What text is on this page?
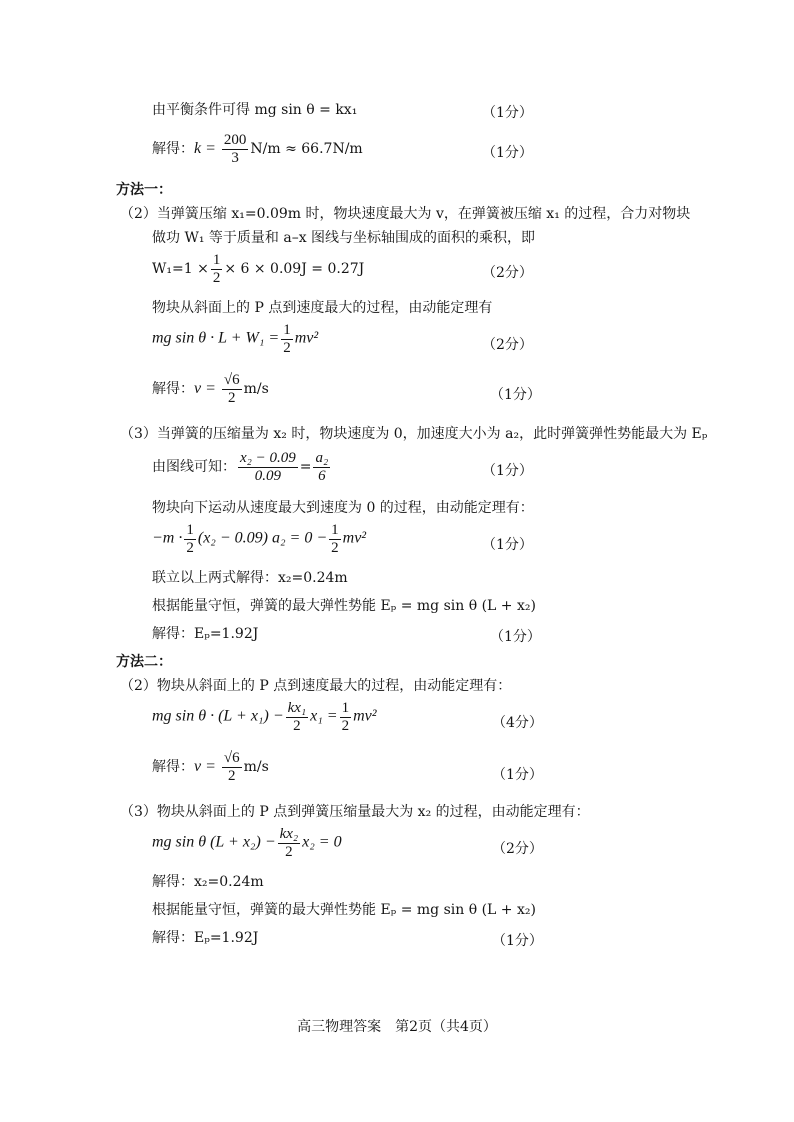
由平衡条件可得 mg sin θ = kx₁	（1分）
解得：$k = \frac{200}{3} N/m \approx 66.7N/m$	（1分）
方法一：
（2）当弹簧压缩 x₁=0.09m 时，物块速度最大为 v，在弹簧被压缩 x₁ 的过程，合力对物块
做功 W₁ 等于质量和 a–x 图线与坐标轴围成的面积的乘积，即
$W_1=1 \times \frac{1}{2} \times 6 \times 0.09J = 0.27J$	（2分）
物块从斜面上的 P 点到速度最大的过程，由动能定理有
mg $\sin \theta \cdot L + W_1 = \frac{1}{2} mv^2$	（2分）
解得：$v = \frac{√6}{2} m/s$	（1分）
（3）当弹簧的压缩量为 x₂ 时，物块速度为 0，加速度大小为 a₂，此时弹簧弹性势能最大为 Eₚ
由图线可知： $\frac{\text{x₂ − 0.09}}{0.09} = \frac{\text{a₂}}{6}$	（1分）
物块向下运动从速度最大到速度为 0 的过程，由动能定理有：
$-m \cdot \frac{1}{2} (x_2 - 0.09) a_2 = 0 - \frac{1}{2} mv^2$	（1分）
联立以上两式解得：x₂=0.24m
根据能量守恒，弹簧的最大弹性势能 Eₚ = mg sin θ (L + x₂)
解得：Eₚ=1.92J	（1分）
方法二：
（2）物块从斜面上的 P 点到速度最大的过程，由动能定理有：
mg $\sin \theta \cdot (L + x_1) - \frac{\text{kx₁}}{2} x_1 = \frac{1}{2} mv^2$	（4分）
解得：$v = \frac{√6}{2} m/s$	（1分）
（3）物块从斜面上的 P 点到弹簧压缩量最大为 x₂ 的过程，由动能定理有：
mg sin θ $(L + x_2) - \frac{\text{kx₂}}{2} x_2 = 0$	（2分）
解得：x₂=0.24m
根据能量守恒，弹簧的最大弹性势能 Eₚ = mg sin θ (L + x₂)
解得：Eₚ=1.92J	（1分）
高三物理答案　第2页（共4页）
